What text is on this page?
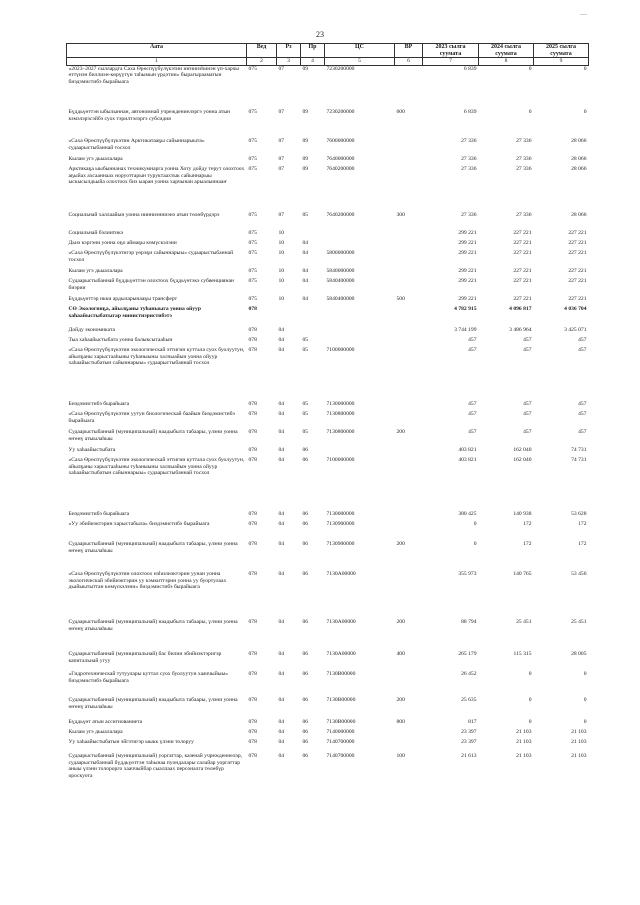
—
23
Аата	Вед	Рз	Пр	ЦС	ВР	2023 сылга суумата	2024 сылга суумата	2025 сылга суумата
1	2	3	4	5	6	7	8	9
«2023–2027 сыллардга Саха Өрөспүүбүлүкэтин иҥнинэһинэн үп-харчы өттүнэн биллиэн-көрүүтүн таһымын үрдэтии» бырагырааматын биэдэмистибэ бырайыага	075	07	09	7230200000		6 839	0	0
Бүддьүөттэн ыбылыннан, автономнай учреждениелэргэ уонна атын кэмэлэрэсэйбэ суох тэрилтэлэргэ субсидия	075	07	09	7230200000	600	6 839	0	0
«Саха Өрөспүүбүлүкэтин Арктикатааҕы сайыннарыыта» судаарыстыбаннай тосхол	075	07	09	7600000000		27 336	27 336	28 066
Кылам угэ дьыалалара	075	07	09	7640000000		27 336	27 336	28 066
Арктикаҕа ыыбыннанах техникумнарга уонна Хоту дойду терут олохтоох аҕыйах ахсааннаах норуоттарын туруктаахтык сайыннарыы ыскысылдьыйа олохтоох биэ ыаран уонна харчынан арыалыннааҥ	075	07	09	7640200000		27 336	27 336	28 066
Социальнай халлаайын уонна иинниэнниэнэ атын төлөбүрдэрэ	075	07	05	7640200000	300	27 336	27 336	28 066
Социальнай бэлиитикэ	075	10				299 221	227 221	227 221
Дьиэ кэргэни уонна оҕо аймаҕы көмүскэлэни	075	10	04			299 221	227 221	227 221
«Саха Өрөспүүбүлүкэтигэр үөрэҕи сайыннарыы» судаарыстыбаннай тосхол	075	10	04	5800000000		299 221	227 221	227 221
Кылам угэ дьыалалара	075	10	04	5840000000		299 221	227 221	227 221
Судаарыстыбаннай бүддьүөттэн олохтоох бүддьүөтэкэ субвенциянан биэрии	075	10	04	5840400000		299 221	227 221	227 221
Бүддьүөттэр икки ардыларынааҕы трансферт	075	10	04	5840400000	500	299 221	227 221	227 221
СӨ Экологияҕа, айылҕаны туһаныыга уонна ойуур хаһаайыстыбатыгар министиэристибэтэ	078					4 782 915	4 096 817	4 036 704
Дойду экономиката	078	04				3 744 199	3 486 964	3 425 071
Тыа хаһаайыстыбата уонна балыксытааһын	078	04	05			457	457	457
«Саха Өрөспүүбүлүкэтин экологическай эттигин куттала суох буолуутун, айылҕаны харыстааһыны туһаныыны халчыайын уонна ойуур хаһаайыстыбатын сайыннарыы» судаарыстыбаннай тосхол	078	04	05	7100000000		457	457	457
Биэдэмистибэ бырайыага	078	04	05	7130000000		457	457	457
«Саха Өрөспүүбүлүкэтин уутун биологическай баайын биэдэмистибэ бырайыага	078	04	05	7130800000		457	457	457
Судаарыстыбаннай (муниципальнай) наадыбыта табаары, үлэни уонна өҥөнү атыылаһыы	078	04	05	7130800000	200	457	457	457
Уу хаһаайыстыбата	078	04	06			403 821	162 040	74 731
«Саха Өрөспүүбүлүкэтин экологическай эттигин куттала суох буолуутун, айылҕаны харыстааһыны туһаныыны халчыайын уонна ойуур хаһаайыстыбатын сайыннарыы» судаарыстыбаннай тосхол	078	04	06	7100000000		403 821	162 040	74 731
Биэдэмистибэ бырайыага	078	04	06	7130000000		380 425	140 938	53 628
«Уу эбийиэктэрин харыстабыла» биэдэмистибэ бырайыага	078	04	06	7130900000		0	172	172
Судаарыстыбаннай (муниципальнай) наадыбыта табаары, үлэни уонна өҥөнү атыылаһыы	078	04	06	7130900000	200	0	172	172
«Саха Өрөспүүбүлүкэтин олохтоох нэһилиэктэрин уунан уонна экологическай эбийиэктэрин уу кэмкиттэрин уонна уу буортулаах дьайыытыттан көмүскэлэни» биэдэмистибэ бырайыага	078	04	06	7130A00000		355 973	140 765	53 456
Судаарыстыбаннай (муниципальнай) наадыбыта табаары, үлэни уонна өҥөнү атыылаһыы	078	04	06	7130A00000	200	88 794	25 451	25 451
Судаарыстыбаннай (муниципальнай) бас билии эбийиэктэригэр капитальнай угуу	078	04	06	7130A00000	400	265 179	115 315	28 005
«Гидротехническай тутуулары куттал суох буолуутун хааччыйыы» биэдэмистибэ бырайыага	078	04	06	7130B00000		26 452	0	0
Судаарыстыбаннай (муниципальнай) наадыбыта табаары, үлэни уонна өҥөнү атыылаһыы	078	04	06	7130B00000	200	25 635	0	0
Бүддьүөт атын ассигнованиета	078	04	06	7130B00000	800	817	0	0
Кылам угэ дьыалалара	078	04	06	7140000000		23 397	21 103	21 103
Уу хаһаайыстыбатын эйгэтигэр ыыкк үлэни толоруу	078	04	06	7140700000		23 397	21 103	21 103
Судаарыстыбаннай (муниципальнай) уоргаттар, казенай учреждениелэр, судаарыстыбаннай бүддьүөттэн таһынаа пуондалары салайар уоргаттар аныы үлэни толорорго хааччыйбар сыаллаах персоналга төлөбүр ороскуота	078	04	06	7140700000	100	21 613	21 103	21 103
